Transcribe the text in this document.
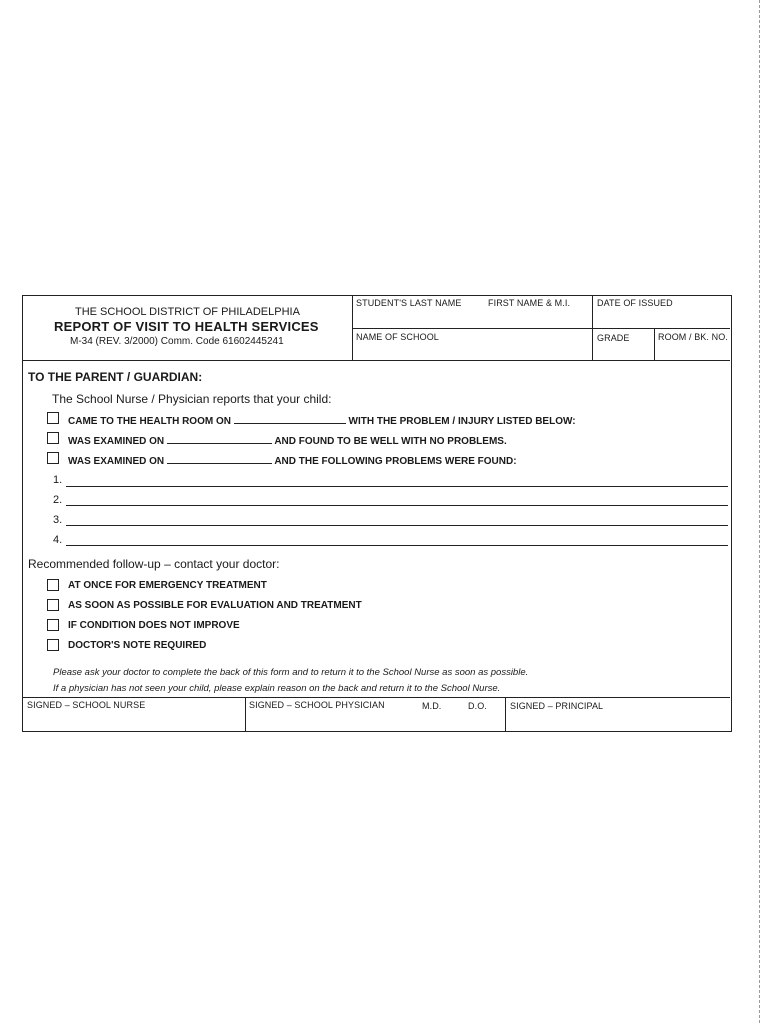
THE SCHOOL DISTRICT OF PHILADELPHIA
REPORT OF VISIT TO HEALTH SERVICES
M-34 (REV. 3/2000) Comm. Code 61602445241
STUDENT'S LAST NAME	FIRST NAME & M.I.	DATE OF ISSUED
NAME OF SCHOOL	GRADE	ROOM / BK. NO.
TO THE PARENT / GUARDIAN:
The School Nurse / Physician reports that your child:
CAME TO THE HEALTH ROOM ON	WITH THE PROBLEM / INJURY LISTED BELOW:
WAS EXAMINED ON	AND FOUND TO BE WELL WITH NO PROBLEMS.
WAS EXAMINED ON	AND THE FOLLOWING PROBLEMS WERE FOUND:
1.
2.
3.
4.
Recommended follow-up – contact your doctor:
AT ONCE FOR EMERGENCY TREATMENT
AS SOON AS POSSIBLE FOR EVALUATION AND TREATMENT
IF CONDITION DOES NOT IMPROVE
DOCTOR'S NOTE REQUIRED
Please ask your doctor to complete the back of this form and to return it to the School Nurse as soon as possible.
If a physician has not seen your child, please explain reason on the back and return it to the School Nurse.
SIGNED – SCHOOL NURSE	SIGNED – SCHOOL PHYSICIAN	M.D.	D.O.	SIGNED – PRINCIPAL
